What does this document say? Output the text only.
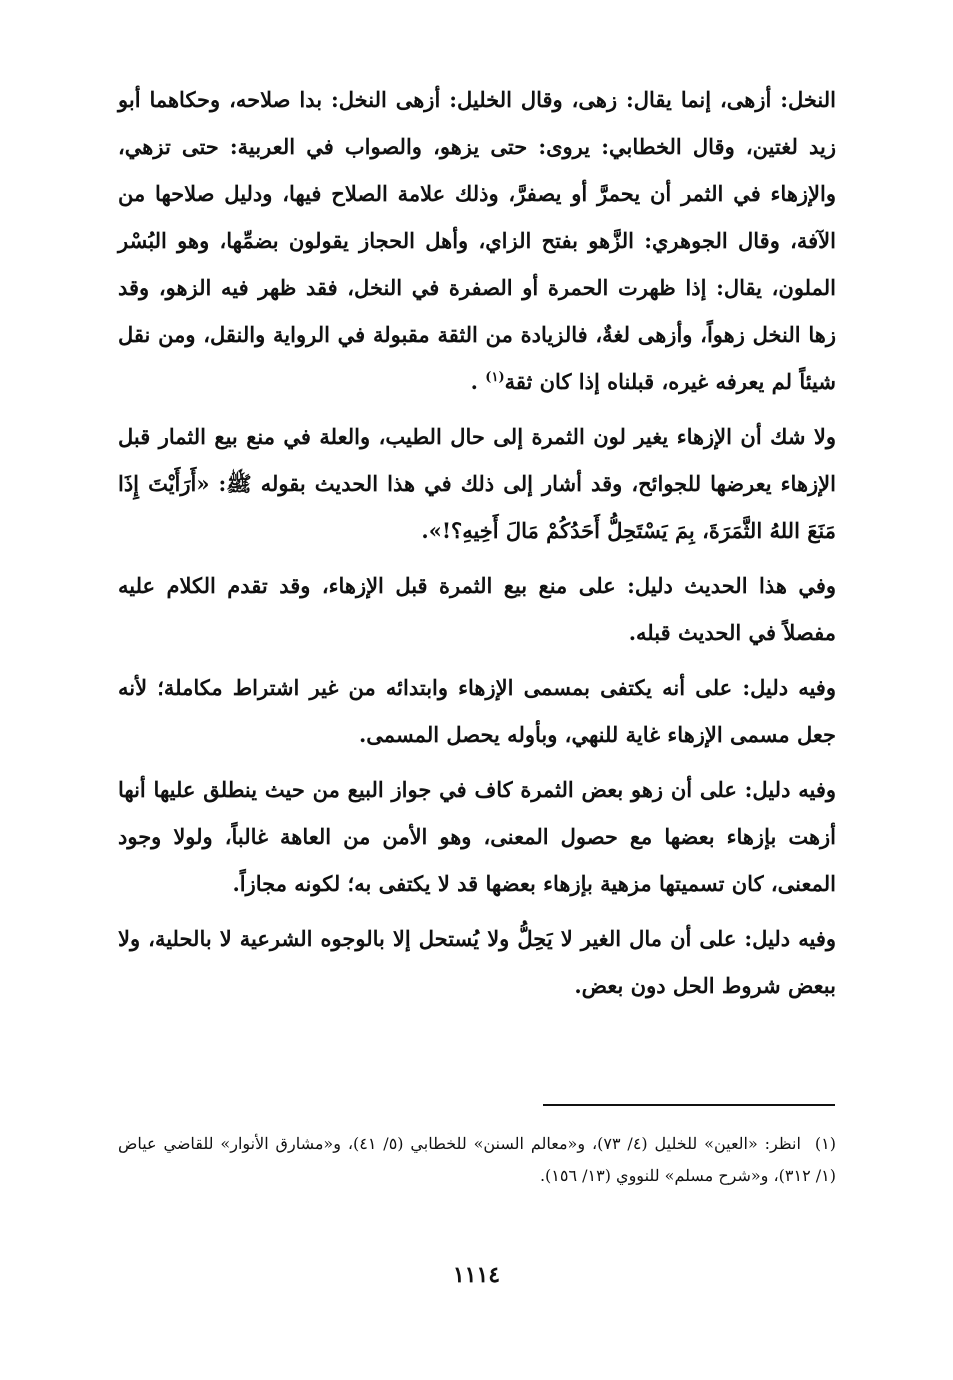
النخل: أزهى، إنما يقال: زهى، وقال الخليل: أزهى النخل: بدا صلاحه، وحكاهما أبو زيد لغتين، وقال الخطابي: يروى: حتى يزهو، والصواب في العربية: حتى تزهي، والإزهاء في الثمر أن يحمرَّ أو يصفرَّ، وذلك علامة الصلاح فيها، ودليل صلاحها من الآفة، وقال الجوهري: الزَّهو بفتح الزاي، وأهل الحجاز يقولون بضمِّها، وهو البُسْر الملون، يقال: إذا ظهرت الحمرة أو الصفرة في النخل، فقد ظهر فيه الزهو، وقد زها النخل زهواً، وأزهى لغةٌ، فالزيادة من الثقة مقبولة في الرواية والنقل، ومن نقل شيئاً لم يعرفه غيره، قبلناه إذا كان ثقة$^{(١)}$ .

ولا شك أن الإزهاء يغير لون الثمرة إلى حال الطيب، والعلة في منع بيع الثمار قبل الإزهاء يعرضها للجوائح، وقد أشار إلى ذلك في هذا الحديث بقوله ﷺ: «أَرَأَيْتَ إِذَا مَنَعَ اللهُ الثَّمَرَةَ، بِمَ يَسْتَحِلُّ أَحَدُكُمْ مَالَ أَخِيهِ؟!».

وفي هذا الحديث دليل: على منع بيع الثمرة قبل الإزهاء، وقد تقدم الكلام عليه مفصلاً في الحديث قبله.

وفيه دليل: على أنه يكتفى بمسمى الإزهاء وابتدائه من غير اشتراط مكاملة؛ لأنه جعل مسمى الإزهاء غاية للنهي، وبأوله يحصل المسمى.

وفيه دليل: على أن زهو بعض الثمرة كاف في جواز البيع من حيث ينطلق عليها أنها أزهت بإزهاء بعضها مع حصول المعنى، وهو الأمن من العاهة غالباً، ولولا وجود المعنى، كان تسميتها مزهية بإزهاء بعضها قد لا يكتفى به؛ لكونه مجازاً.

وفيه دليل: على أن مال الغير لا يَحِلُّ ولا يُستحل إلا بالوجوه الشرعية لا بالحلية، ولا ببعض شروط الحل دون بعض.

(١)انظر: «العين» للخليل (٤/ ٧٣)، و«معالم السنن» للخطابي (٥/ ٤١)، و«مشارق الأنوار» للقاضي عياض (١/ ٣١٢)، و«شرح مسلم» للنووي (١٣/ ١٥٦).
١١١٤
